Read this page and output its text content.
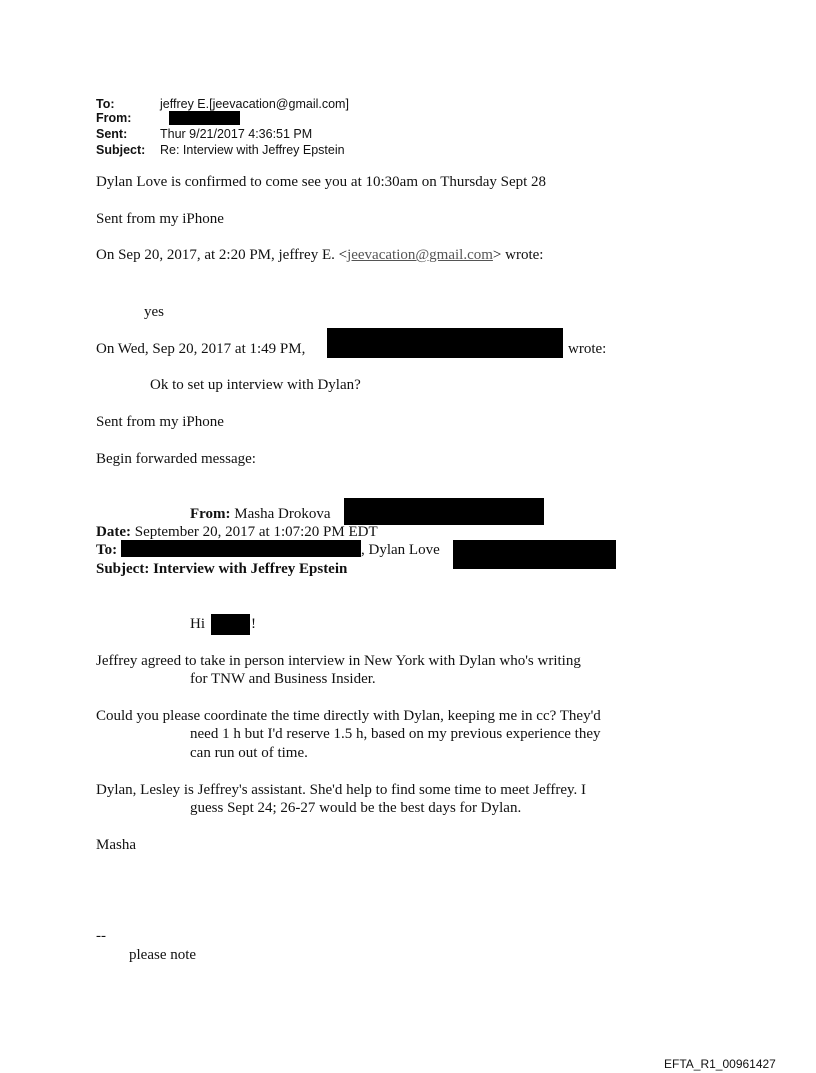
To:	jeffrey E.[jeevacation@gmail.com]
From:
Sent:	Thur 9/21/2017 4:36:51 PM
Subject: Re: Interview with Jeffrey Epstein
Dylan Love is confirmed to come see you at 10:30am on Thursday Sept 28
Sent from my iPhone
On Sep 20, 2017, at 2:20 PM, jeffrey E. <jeevacation@gmail.com> wrote:
yes
On Wed, Sep 20, 2017 at 1:49 PM,	wrote:
Ok to set up interview with Dylan?
Sent from my iPhone
Begin forwarded message:
From: Masha Drokova
Date: September 20, 2017 at 1:07:20 PM EDT
To:	, Dylan Love
Subject: Interview with Jeffrey Epstein
Hi	!
Jeffrey agreed to take in person interview in New York with Dylan who's writing
for TNW and Business Insider.
Could you please coordinate the time directly with Dylan, keeping me in cc? They'd
need 1 h but I'd reserve 1.5 h, based on my previous experience they
can run out of time.
Dylan, Lesley is Jeffrey's assistant. She'd help to find some time to meet Jeffrey. I
guess Sept 24; 26-27 would be the best days for Dylan.
Masha
--
please note
EFTA_R1_00961427
